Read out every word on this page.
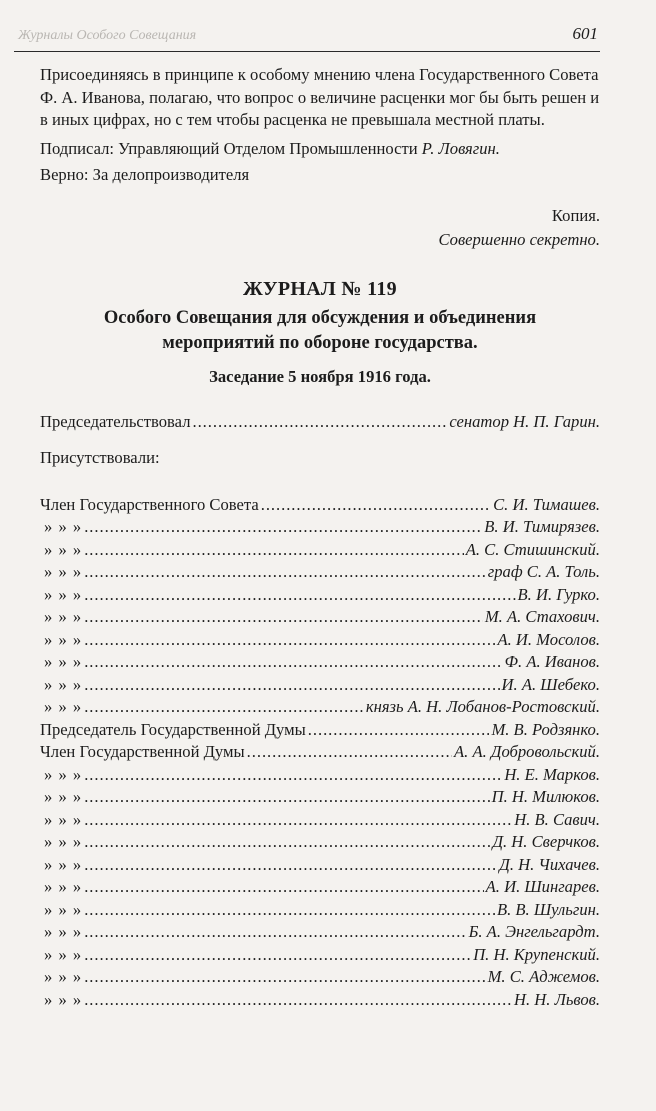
Журналы Особого Совещания	601

Присоединяясь в принципе к особому мнению члена Государственного Совета Ф. А. Иванова, полагаю, что вопрос о величине расценки мог бы быть решен и в иных цифрах, но с тем чтобы расценка не превышала местной платы.

Подписал: Управляющий Отделом Промышленности Р. Ловягин.

Верно: За делопроизводителя

Копия.

Совершенно секретно.

ЖУРНАЛ № 119
Особого Совещания для обсуждения и объединения
мероприятий по обороне государства.

Заседание 5 ноября 1916 года.

Председательствовал . . .	сенатор Н. П. Гарин.

Присутствовали:

Член Государственного Совета . . .	С. И. Тимашев.
» » » . . .	В. И. Тимирязев.
» » » . . .	А. С. Стишинский.
» » » . . .	граф С. А. Толь.
» » » . . .	В. И. Гурко.
» » » . . .	М. А. Стахович.
» » » . . .	А. И. Мосолов.
» » » . . .	Ф. А. Иванов.
» » » . . .	И. А. Шебеко.
» » » . . .	князь А. Н. Лобанов-Ростовский.
Председатель Государственной Думы . . .	М. В. Родзянко.
Член Государственной Думы . . .	А. А. Добровольский.
» » » . . .	Н. Е. Марков.
» » » . . .	П. Н. Милюков.
» » » . . .	Н. В. Савич.
» » » . . .	Д. Н. Сверчков.
» » » . . .	Д. Н. Чихачев.
» » » . . .	А. И. Шингарев.
» » » . . .	В. В. Шульгин.
» » » . . .	Б. А. Энгельгардт.
» » » . . .	П. Н. Крупенский.
» » » . . .	М. С. Аджемов.
» » » . . .	Н. Н. Львов.
